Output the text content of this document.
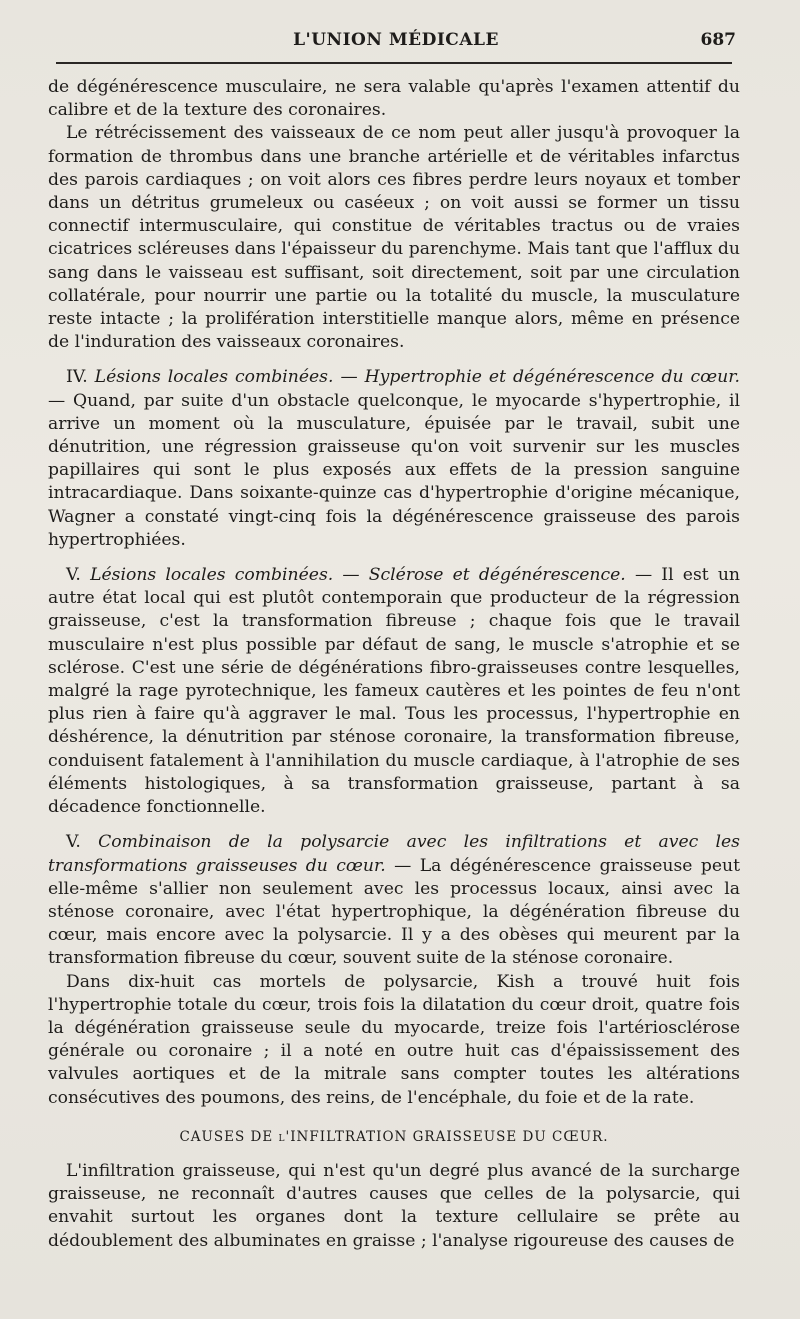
L'UNION MÉDICALE	687

de dégénérescence musculaire, ne sera valable qu'après l'examen attentif du calibre et de la texture des coronaires.

Le rétrécissement des vaisseaux de ce nom peut aller jusqu'à provoquer la formation de thrombus dans une branche artérielle et de véritables infarctus des parois cardiaques ; on voit alors ces fibres perdre leurs noyaux et tomber dans un détritus grumeleux ou caséeux ; on voit aussi se former un tissu connectif intermusculaire, qui constitue de véritables tractus ou de vraies cicatrices scléreuses dans l'épaisseur du parenchyme. Mais tant que l'afflux du sang dans le vaisseau est suffisant, soit directement, soit par une circulation collatérale, pour nourrir une partie ou la totalité du muscle, la musculature reste intacte ; la prolifération interstitielle manque alors, même en présence de l'induration des vaisseaux coronaires.

IV. Lésions locales combinées. — Hypertrophie et dégénérescence du cœur. — Quand, par suite d'un obstacle quelconque, le myocarde s'hypertrophie, il arrive un moment où la musculature, épuisée par le travail, subit une dénutrition, une régression graisseuse qu'on voit survenir sur les muscles papillaires qui sont le plus exposés aux effets de la pression sanguine intracardiaque. Dans soixante-quinze cas d'hypertrophie d'origine mécanique, Wagner a constaté vingt-cinq fois la dégénérescence graisseuse des parois hypertrophiées.

V. Lésions locales combinées. — Sclérose et dégénérescence. — Il est un autre état local qui est plutôt contemporain que producteur de la régression graisseuse, c'est la transformation fibreuse ; chaque fois que le travail musculaire n'est plus possible par défaut de sang, le muscle s'atrophie et se sclérose. C'est une série de dégénérations fibro-graisseuses contre lesquelles, malgré la rage pyrotechnique, les fameux cautères et les pointes de feu n'ont plus rien à faire qu'à aggraver le mal. Tous les processus, l'hypertrophie en déshérence, la dénutrition par sténose coronaire, la transformation fibreuse, conduisent fatalement à l'annihilation du muscle cardiaque, à l'atrophie de ses éléments histologiques, à sa transformation graisseuse, partant à sa décadence fonctionnelle.

V. Combinaison de la polysarcie avec les infiltrations et avec les transformations graisseuses du cœur. — La dégénérescence graisseuse peut elle-même s'allier non seulement avec les processus locaux, ainsi avec la sténose coronaire, avec l'état hypertrophique, la dégénération fibreuse du cœur, mais encore avec la polysarcie. Il y a des obèses qui meurent par la transformation fibreuse du cœur, souvent suite de la sténose coronaire.

Dans dix-huit cas mortels de polysarcie, Kish a trouvé huit fois l'hypertrophie totale du cœur, trois fois la dilatation du cœur droit, quatre fois la dégénération graisseuse seule du myocarde, treize fois l'artériosclérose générale ou coronaire ; il a noté en outre huit cas d'épaississement des valvules aortiques et de la mitrale sans compter toutes les altérations consécutives des poumons, des reins, de l'encéphale, du foie et de la rate.

CAUSES DE l'INFILTRATION GRAISSEUSE DU CŒUR.

L'infiltration graisseuse, qui n'est qu'un degré plus avancé de la surcharge graisseuse, ne reconnaît d'autres causes que celles de la polysarcie, qui envahit surtout les organes dont la texture cellulaire se prête au dédoublement des albuminates en graisse ; l'analyse rigoureuse des causes de
